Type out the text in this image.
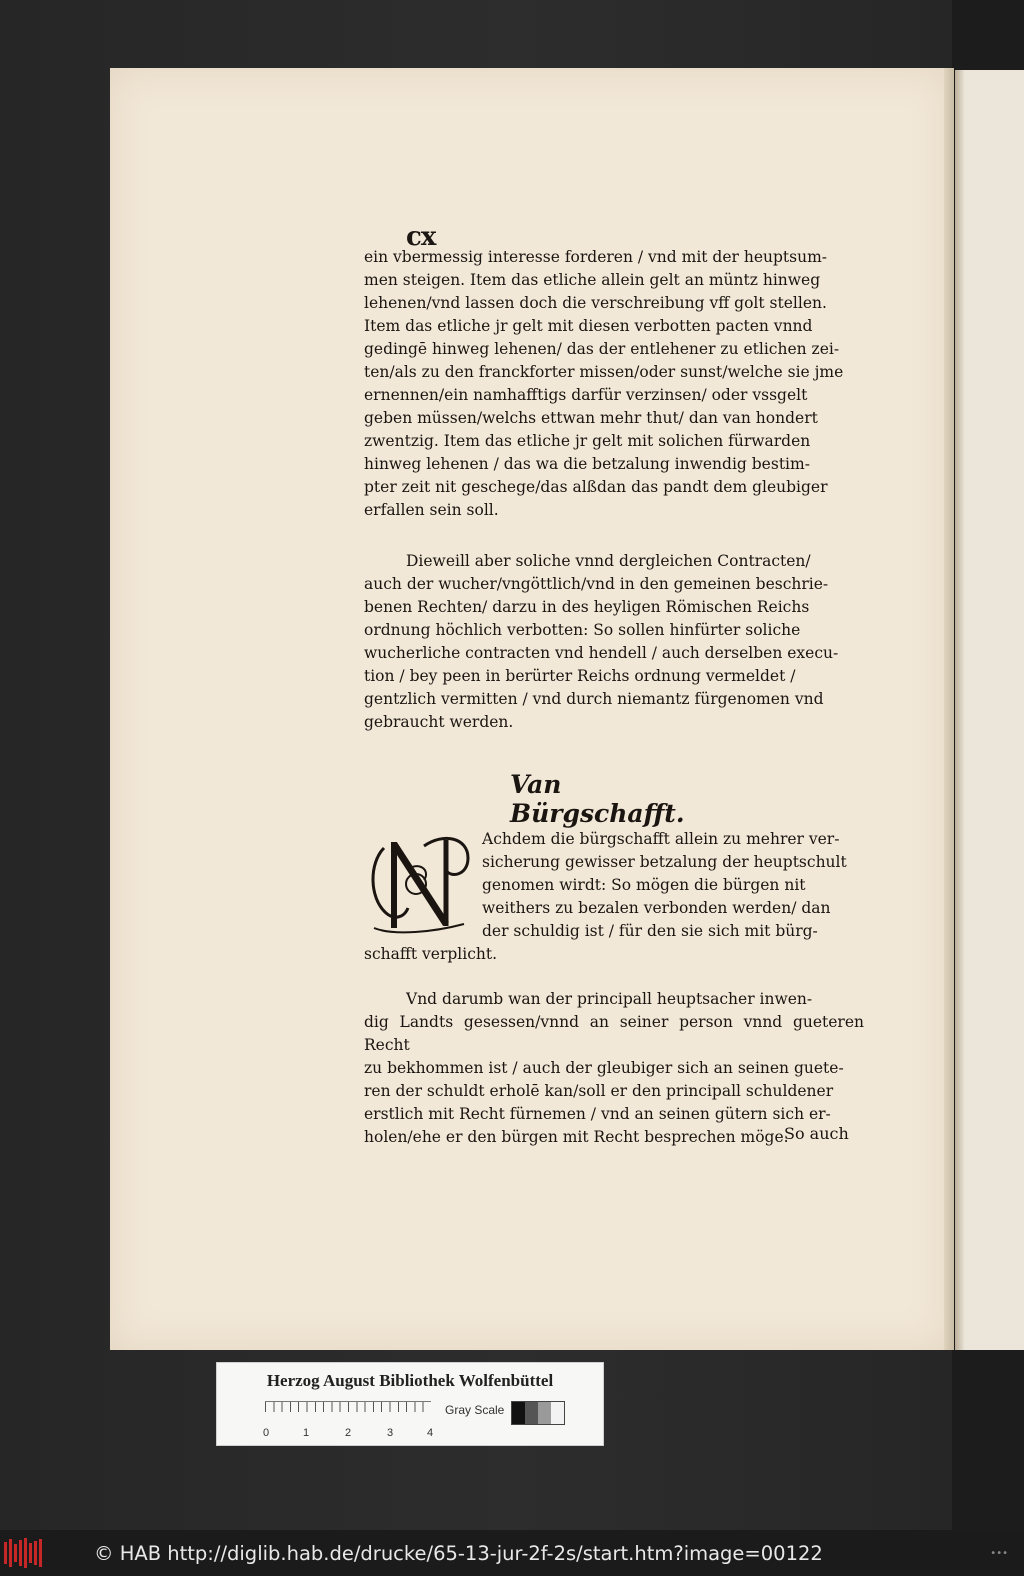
cx

ein vbermessig interesse forderen / vnd mit der heuptsum-

men steigen. Item das etliche allein gelt an müntz hinweg

lehenen/vnd lassen doch die verschreibung vff golt stellen.

Item das etliche jr gelt mit diesen verbotten pacten vnnd

gedingē hinweg lehenen/ das der entlehener zu etlichen zei-

ten/als zu den franckforter missen/oder sunst/welche sie jme

ernennen/ein namhafftigs darfür verzinsen/ oder vssgelt

geben müssen/welchs ettwan mehr thut/ dan van hondert

zwentzig. Item das etliche jr gelt mit solichen fürwarden

hinweg lehenen / das wa die betzalung inwendig bestim-

pter zeit nit geschege/das alßdan das pandt dem gleubiger

erfallen sein soll.

Dieweill aber soliche vnnd dergleichen Contracten/

auch der wucher/vngöttlich/vnd in den gemeinen beschrie-

benen Rechten/ darzu in des heyligen Römischen Reichs

ordnung höchlich verbotten: So sollen hinfürter soliche

wucherliche contracten vnd hendell / auch derselben execu-

tion / bey peen in berürter Reichs ordnung vermeldet /

gentzlich vermitten / vnd durch niemantz fürgenomen vnd

gebraucht werden.

Van Bürgschafft.

Achdem die bürgschafft allein zu mehrer ver-

sicherung gewisser betzalung der heuptschult

genomen wirdt: So mögen die bürgen nit

weithers zu bezalen verbonden werden/ dan

der schuldig ist / für den sie sich mit bürg-

schafft verplicht.

Vnd darumb wan der principall heuptsacher inwen-

dig Landts gesessen/vnnd an seiner person vnnd gueteren Recht

zu bekhommen ist / auch der gleubiger sich an seinen guete-

ren der schuldt erholē kan/soll er den principall schuldener

erstlich mit Recht fürnemen / vnd an seinen gütern sich er-

holen/ehe er den bürgen mit Recht besprechen möge.

So auch
Herzog August Bibliothek Wolfenbüttel
0	1	2	3	4
Gray Scale
© HAB http://diglib.hab.de/drucke/65-13-jur-2f-2s/start.htm?image=00122	•••
